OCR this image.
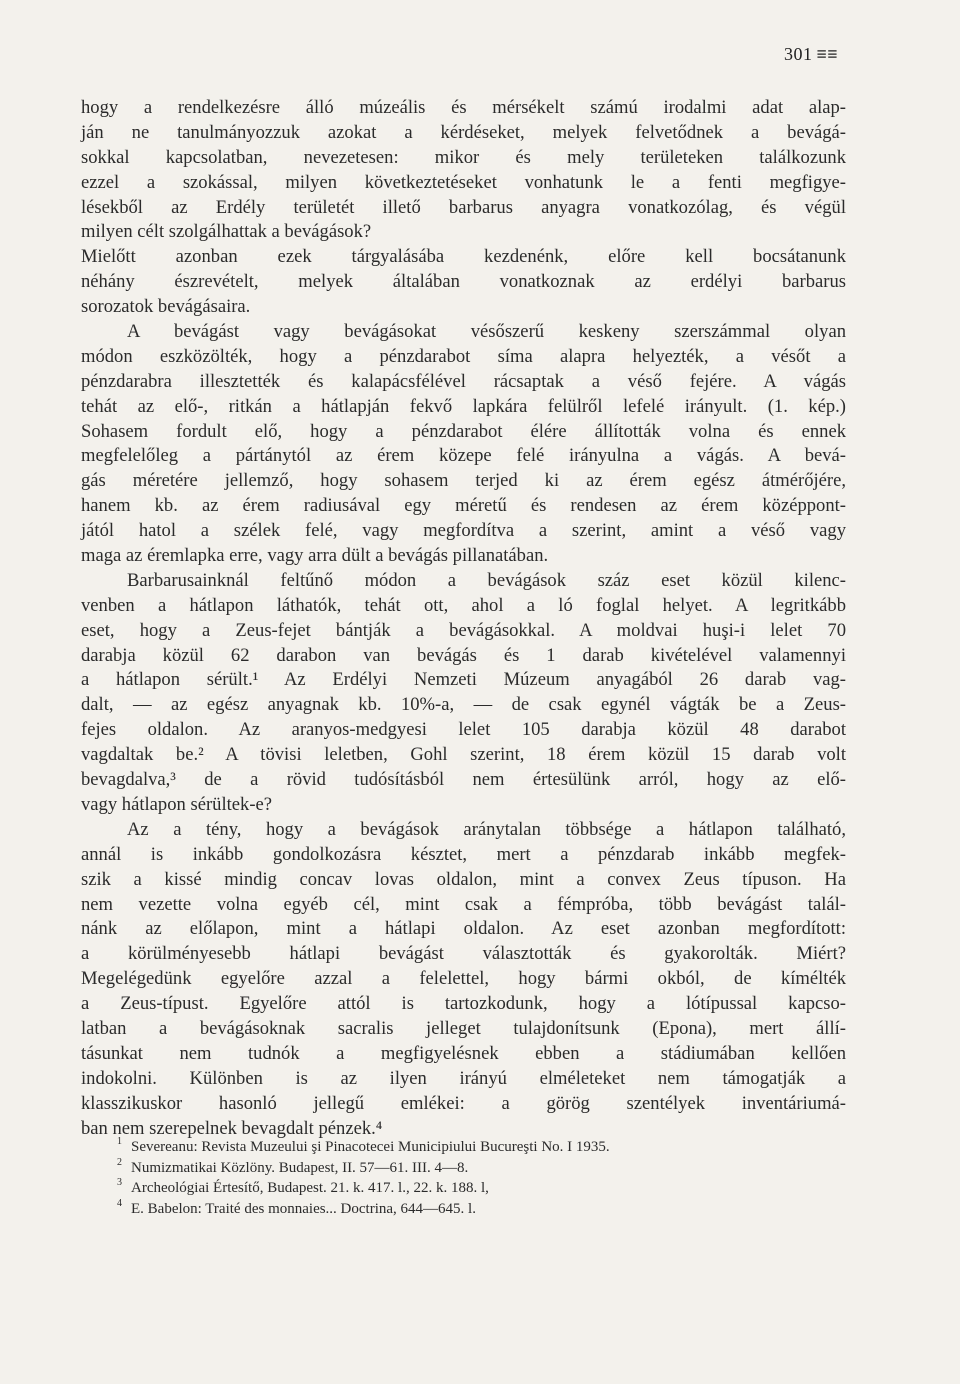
301 ≡≡
hogy a rendelkezésre álló múzeális és mérsékelt számú irodalmi adat alap-
ján ne tanulmányozzuk azokat a kérdéseket, melyek felvetődnek a bevágá-
sokkal kapcsolatban, nevezetesen: mikor és mely területeken találkozunk
ezzel a szokással, milyen következtetéseket vonhatunk le a fenti megfigye-
lésekből az Erdély területét illető barbarus anyagra vonatkozólag, és végül
milyen célt szolgálhattak a bevágások?
Mielőtt azonban ezek tárgyalásába kezdenénk, előre kell bocsátanunk
néhány észrevételt, melyek általában vonatkoznak az erdélyi barbarus
sorozatok bevágásaira.
A bevágást vagy bevágásokat vésőszerű keskeny szerszámmal olyan
módon eszközölték, hogy a pénzdarabot síma alapra helyezték, a vésőt a
pénzdarabra illesztették és kalapácsfélével rácsaptak a véső fejére. A vágás
tehát az elő-, ritkán a hátlapján fekvő lapkára felülről lefelé irányult. (1. kép.)
Sohasem fordult elő, hogy a pénzdarabot élére állították volna és ennek
megfelelőleg a pártánytól az érem közepe felé irányulna a vágás. A bevá-
gás méretére jellemző, hogy sohasem terjed ki az érem egész átmérőjére,
hanem kb. az érem radiusával egy méretű és rendesen az érem középpont-
jától hatol a szélek felé, vagy megfordítva a szerint, amint a véső vagy
maga az éremlapka erre, vagy arra dült a bevágás pillanatában.
Barbarusainknál feltűnő módon a bevágások száz eset közül kilenc-
venben a hátlapon láthatók, tehát ott, ahol a ló foglal helyet. A legritkább
eset, hogy a Zeus-fejet bántják a bevágásokkal. A moldvai huşi-i lelet 70
darabja közül 62 darabon van bevágás és 1 darab kivételével valamennyi
a hátlapon sérült.¹ Az Erdélyi Nemzeti Múzeum anyagából 26 darab vag-
dalt, — az egész anyagnak kb. 10%-a, — de csak egynél vágták be a Zeus-
fejes oldalon. Az aranyos-medgyesi lelet 105 darabja közül 48 darabot
vagdaltak be.² A tövisi leletben, Gohl szerint, 18 érem közül 15 darab volt
bevagdalva,³ de a rövid tudósításból nem értesülünk arról, hogy az elő-
vagy hátlapon sérültek-e?
Az a tény, hogy a bevágások aránytalan többsége a hátlapon található,
annál is inkább gondolkozásra késztet, mert a pénzdarab inkább megfek-
szik a kissé mindig concav lovas oldalon, mint a convex Zeus típuson. Ha
nem vezette volna egyéb cél, mint csak a fémpróba, több bevágást talál-
nánk az előlapon, mint a hátlapi oldalon. Az eset azonban megfordított:
a körülményesebb hátlapi bevágást választották és gyakorolták. Miért?
Megelégedünk egyelőre azzal a felelettel, hogy bármi okból, de kímélték
a Zeus-típust. Egyelőre attól is tartozkodunk, hogy a lótípussal kapcso-
latban a bevágásoknak sacralis jelleget tulajdonítsunk (Epona), mert állí-
tásunkat nem tudnók a megfigyelésnek ebben a stádiumában kellően
indokolni. Különben is az ilyen irányú elméleteket nem támogatják a
klasszikuskor hasonló jellegű emlékei: a görög szentélyek inventáriumá-
ban nem szerepelnek bevagdalt pénzek.⁴
1 Severeanu: Revista Muzeului şi Pinacotecei Municipiului Bucureşti No. I 1935.
2 Numizmatikai Közlöny. Budapest, II. 57—61. III. 4—8.
3 Archeológiai Értesítő, Budapest. 21. k. 417. l., 22. k. 188. l,
4 E. Babelon: Traité des monnaies... Doctrina, 644—645. l.
